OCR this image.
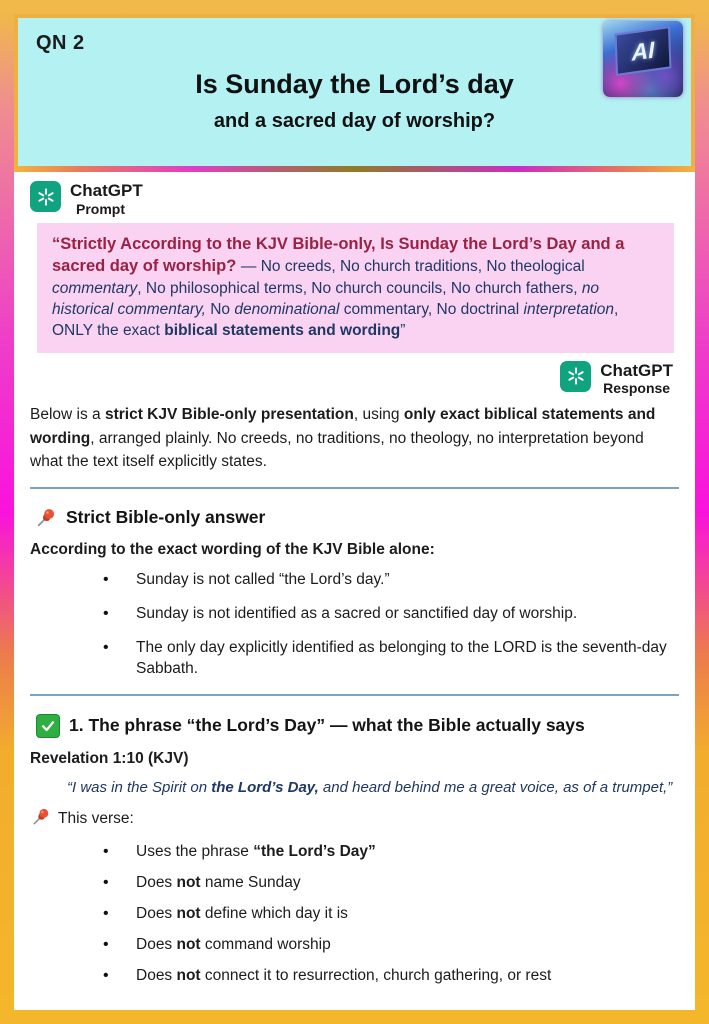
QN 2	AI
Is Sunday the Lord’s day
and a sacred day of worship?
ChatGPT
Prompt
“Strictly According to the KJV Bible-only, Is Sunday the Lord’s Day and a sacred day of worship? — No creeds, No church traditions, No theological commentary, No philosophical terms, No church councils, No church fathers, no historical commentary, No denominational commentary, No doctrinal interpretation, ONLY the exact biblical statements and wording”
ChatGPT
Response

Below is a strict KJV Bible-only presentation, using only exact biblical statements and wording, arranged plainly. No creeds, no traditions, no theology, no interpretation beyond what the text itself explicitly states.

Strict Bible-only answer

According to the exact wording of the KJV Bible alone:

• Sunday is not called “the Lord’s day.”
• Sunday is not identified as a sacred or sanctified day of worship.
• The only day explicitly identified as belonging to the LORD is the seventh-day Sabbath.
1. The phrase “the Lord’s Day” — what the Bible actually says

Revelation 1:10 (KJV)

“I was in the Spirit on the Lord’s Day, and heard behind me a great voice, as of a trumpet,”

This verse:
• Uses the phrase “the Lord’s Day”
• Does not name Sunday
• Does not define which day it is
• Does not command worship
• Does not connect it to resurrection, church gathering, or rest
